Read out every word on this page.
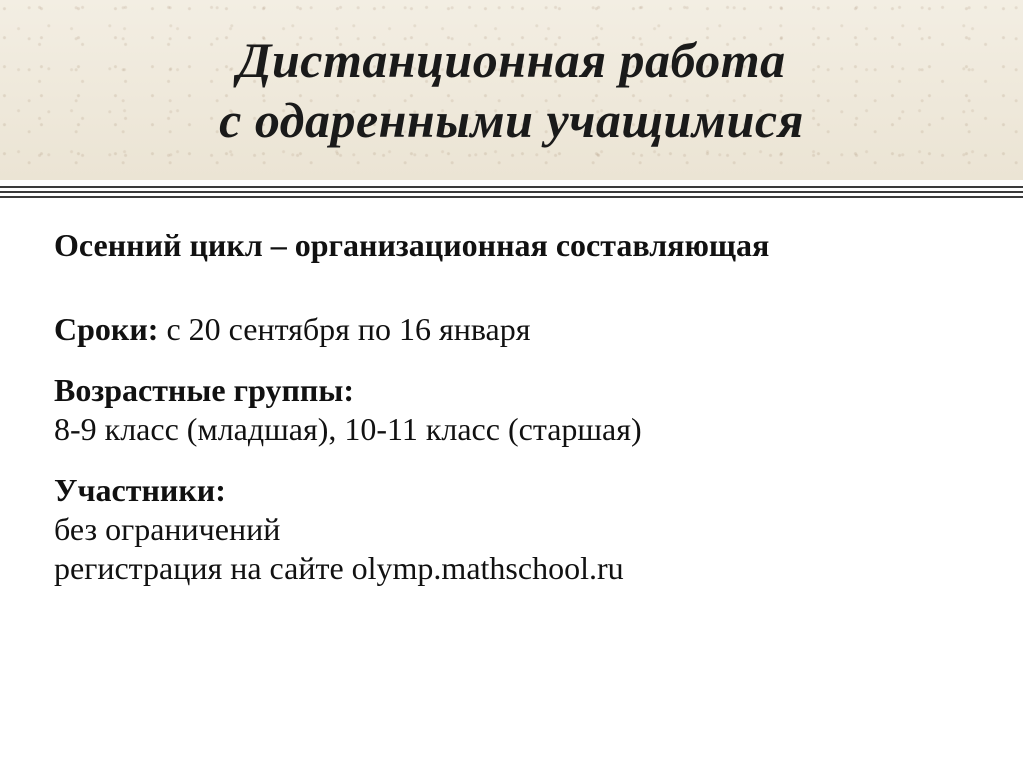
Дистанционная работа
с одаренными учащимися
Осенний цикл – организационная составляющая
Сроки: с 20 сентября по 16 января
Возрастные группы:
8-9 класс (младшая), 10-11 класс (старшая)
Участники:
без ограничений
регистрация на сайте olymp.mathschool.ru
